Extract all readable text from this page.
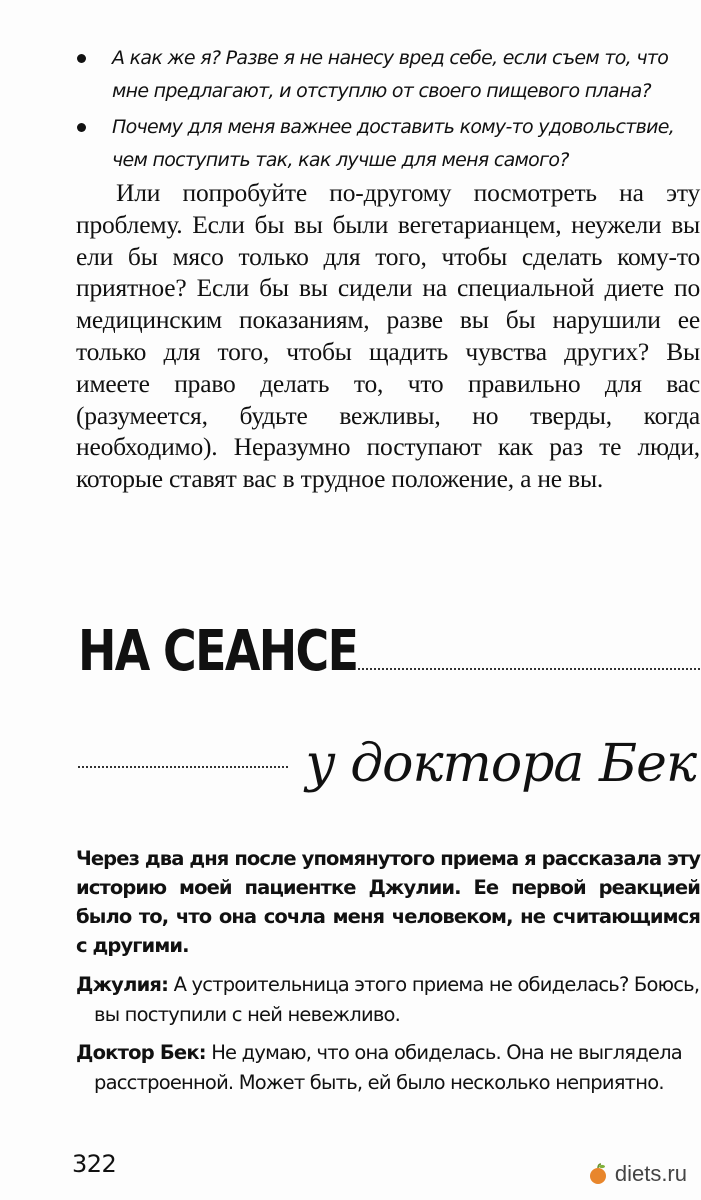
А как же я? Разве я не нанесу вред себе, если съем то, что мне предлагают, и отступлю от своего пищевого плана?
Почему для меня важнее доставить кому-то удовольствие, чем поступить так, как лучше для меня самого?

Или попробуйте по-другому посмотреть на эту проблему. Если бы вы были вегетарианцем, неужели вы ели бы мясо только для того, чтобы сделать кому-то приятное? Если бы вы сидели на специальной диете по медицинским показаниям, разве вы бы нарушили ее только для того, чтобы щадить чувства других? Вы имеете право делать то, что правильно для вас (разумеется, будьте вежливы, но тверды, когда необходимо). Неразумно поступают как раз те люди, которые ставят вас в трудное положение, а не вы.

НА СЕАНСЕ
у доктора Бек

Через два дня после упомянутого приема я рассказала эту историю моей пациентке Джулии. Ее первой реакцией было то, что она сочла меня человеком, не считающимся с другими.

Джулия: А устроительница этого приема не обиделась? Боюсь, вы поступили с ней невежливо.

Доктор Бек: Не думаю, что она обиделась. Она не выглядела расстроенной. Может быть, ей было несколько неприятно.

322	diets.ru
